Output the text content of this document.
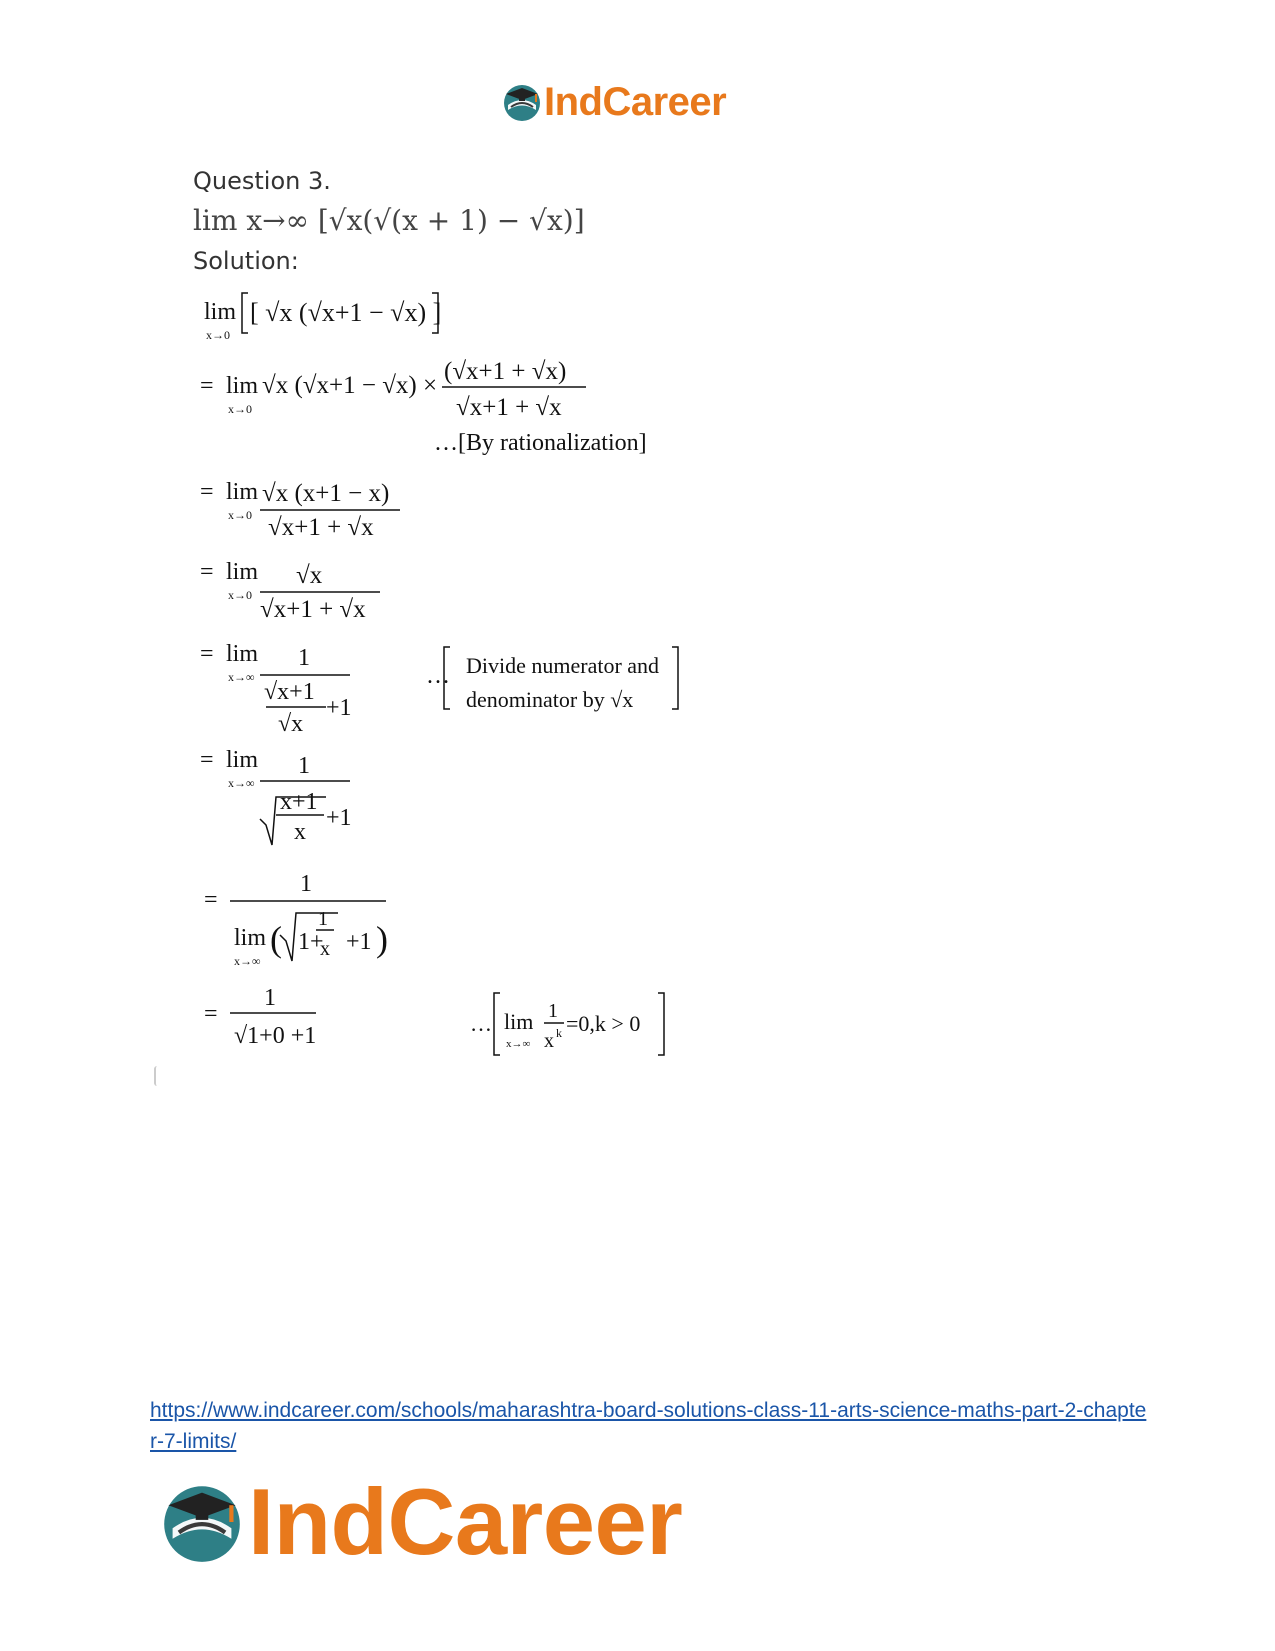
IndCareer
Question 3.
lim x→∞ [√x(√(x + 1) − √x)]
Solution:
lim
x→0
[ √x (√x+1 − √x) ]
= lim
x→0
√x (√x+1 − √x) ×
(√x+1 + √x)
√x+1 + √x
…[By rationalization]
= lim
x→0
√x (x+1 − x)
√x+1 + √x
= lim
x→0
√x
√x+1 + √x
= lim
x→∞
1
√x+1
√x
+1
… Divide numerator and
denominator by √x
= lim
x→∞
1
x+1
x
+1
=
1
lim
x→∞
( 1+
1
x +1 )
=
1
√1+0 +1	… lim
x→∞
1
x k =0,k > 0
https://www.indcareer.com/schools/maharashtra-board-solutions-class-11-arts-science-maths-part-2-chapter-7-limits/
IndCareer
